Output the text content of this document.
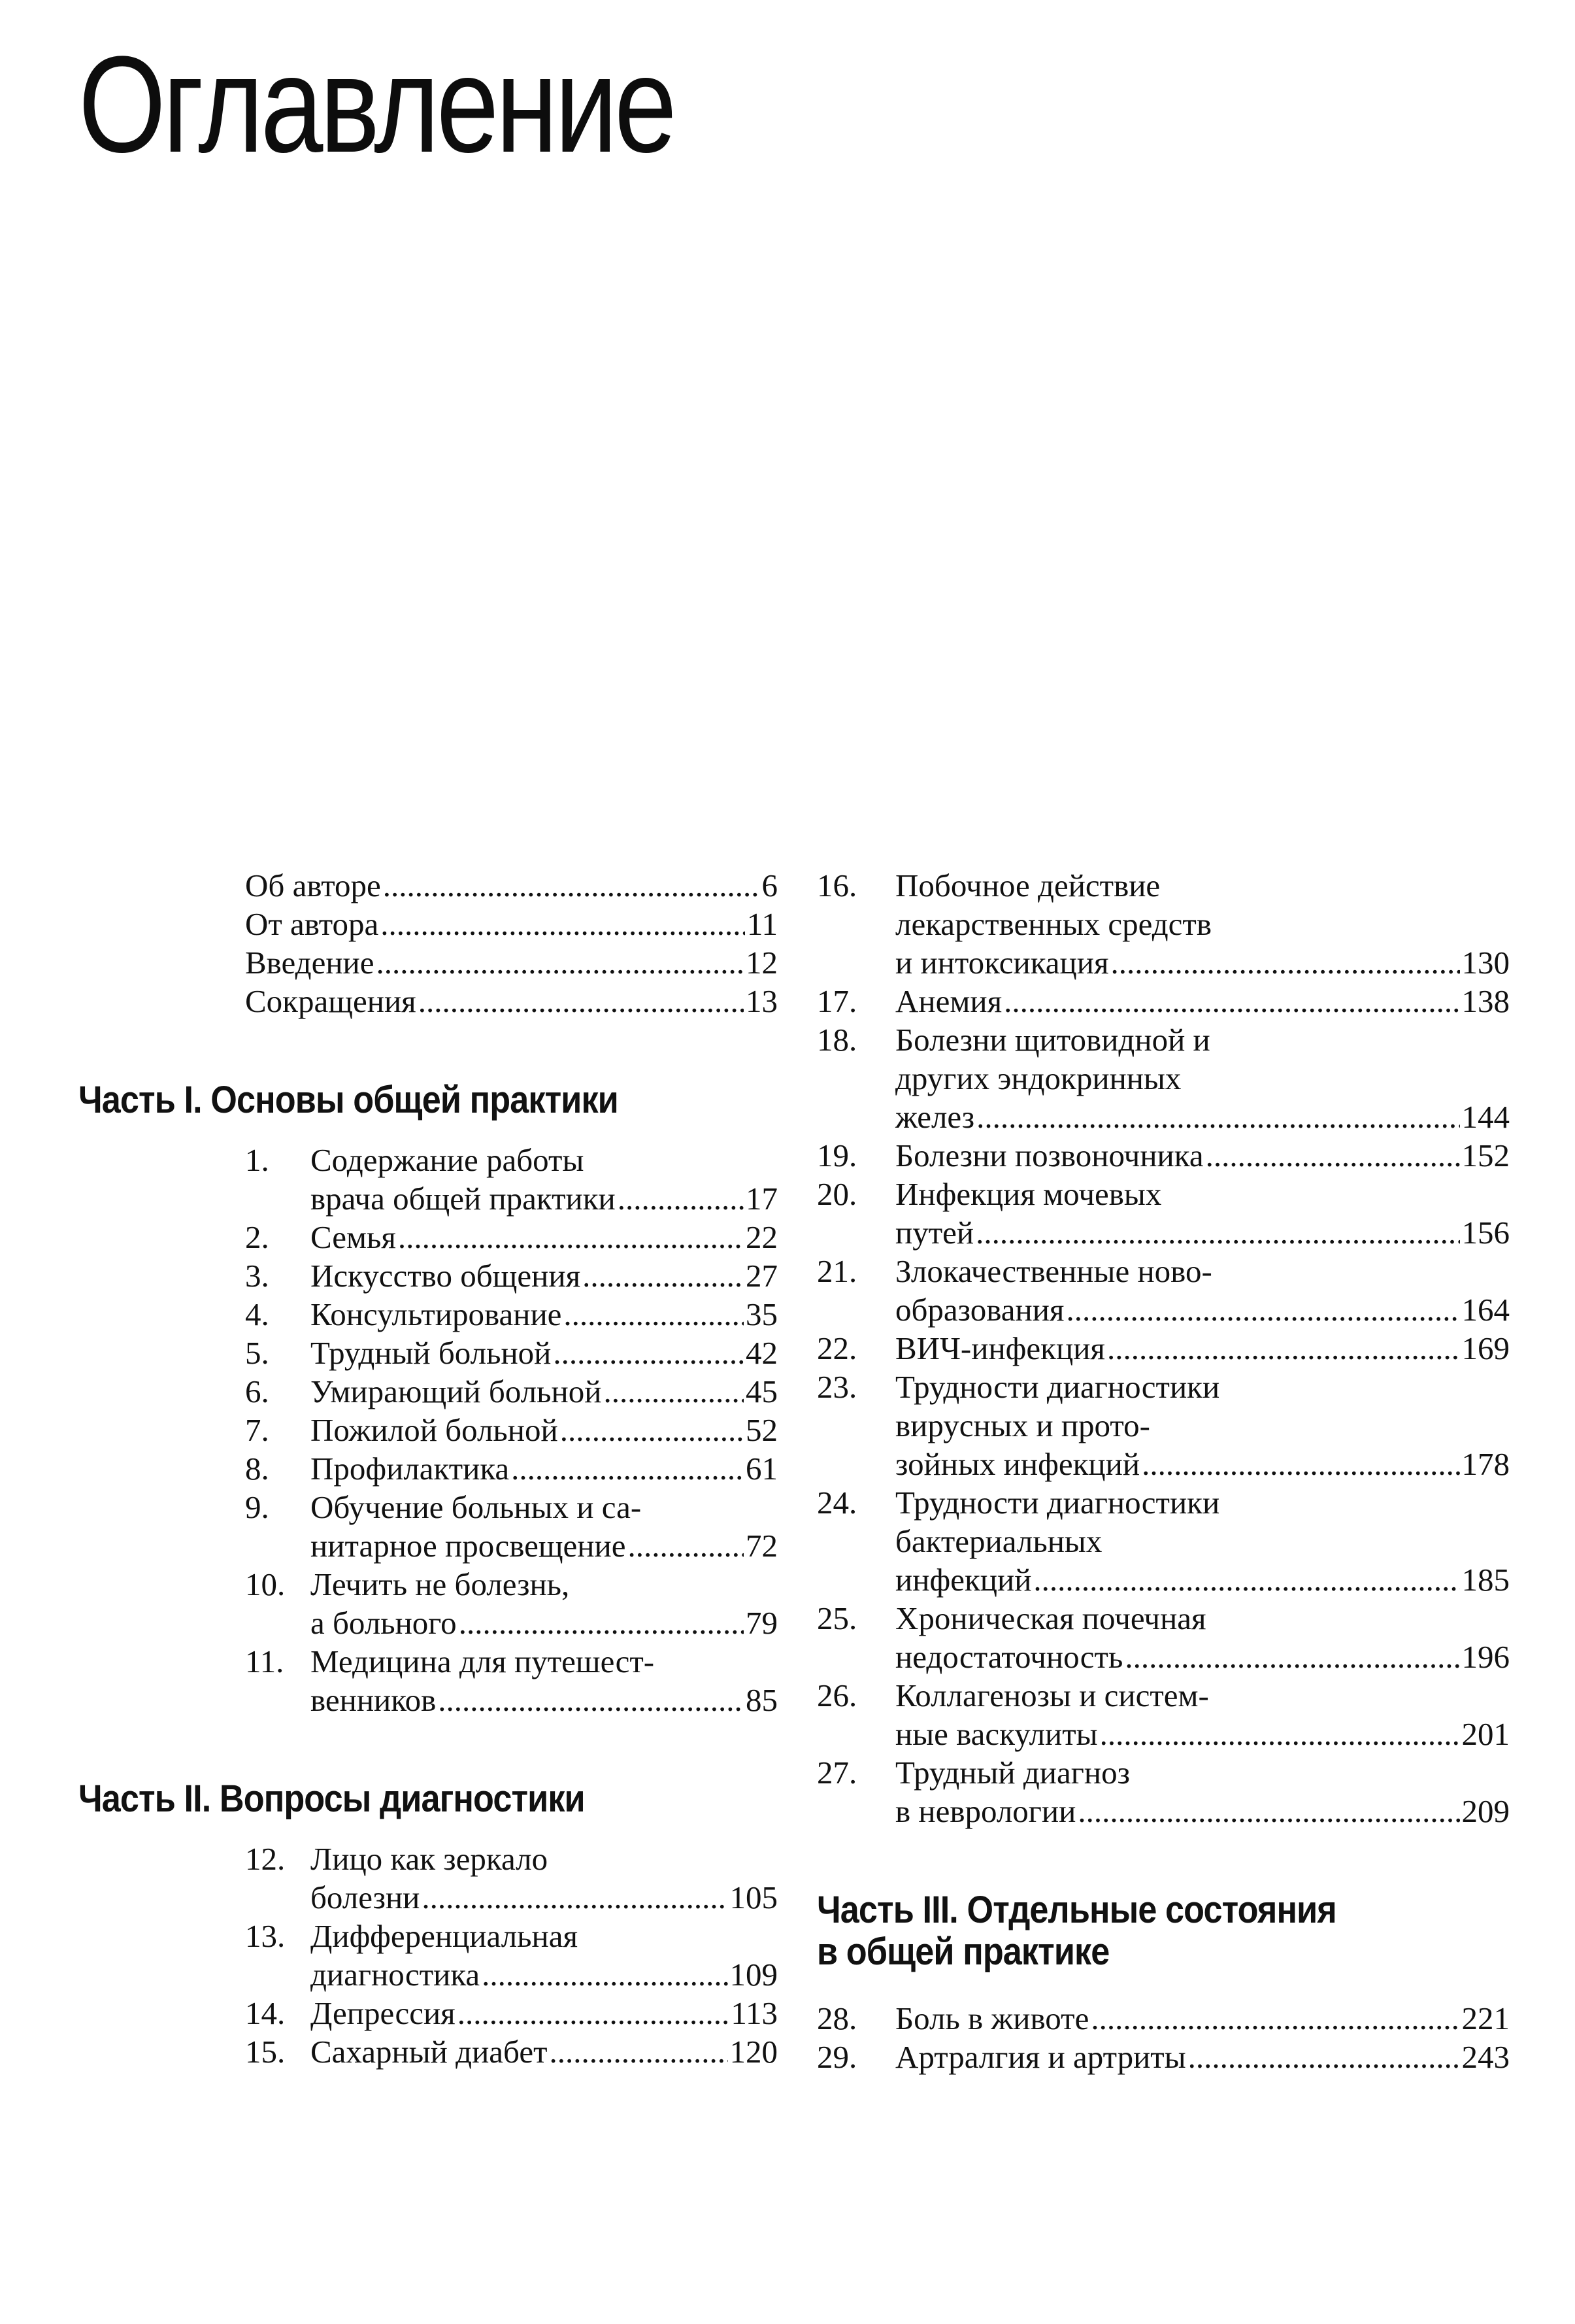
Оглавление
Об авторе .....	6
От автора .....	11
Введение .....	12
Сокращения .....	13
Часть I. Основы общей практики
1.	Содержание работы
врача общей практики .....	17
2.	Семья .....	22
3.	Искусство общения .....	27
4.	Консультирование .....	35
5.	Трудный больной .....	42
6.	Умирающий больной .....	45
7.	Пожилой больной .....	52
8.	Профилактика .....	61
9.	Обучение больных и са-
нитарное просвещение .....	72
10. Лечить не болезнь,
а больного .....	79
11. Медицина для путешест-
венников .....	85
Часть II. Вопросы диагностики
12. Лицо как зеркало
болезни .....	105
13. Дифференциальная
диагностика .....	109
14. Депрессия .....	113
15. Сахарный диабет .....	120
16.	Побочное действие
лекарственных средств
и интоксикация .....	130
17.	Анемия .....	138
18.	Болезни щитовидной и
других эндокринных
желез .....	144
19.	Болезни позвоночника .....	152
20.	Инфекция мочевых
путей .....	156
21.	Злокачественные ново-
образования .....	164
22.	ВИЧ-инфекция .....	169
23.	Трудности диагностики
вирусных и прото-
зойных инфекций .....	178
24.	Трудности диагностики
бактериальных
инфекций .....	185
25.	Хроническая почечная
недостаточность .....	196
26.	Коллагенозы и систем-
ные васкулиты .....	201
27.	Трудный диагноз
в неврологии .....	209
Часть III. Отдельные состояния
в общей практике
28.	Боль в животе .....	221
29.	Артралгия и артриты .....	243
